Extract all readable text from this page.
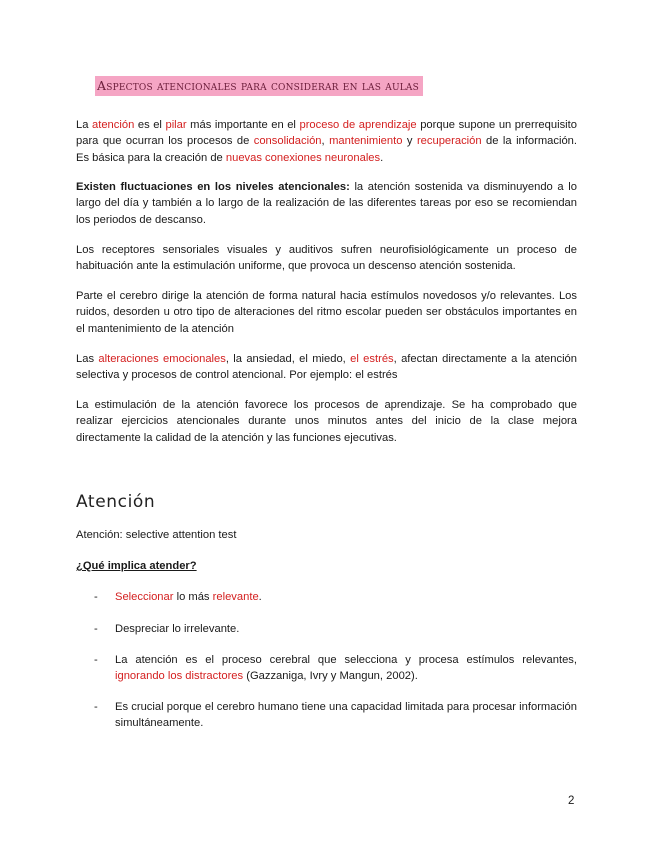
Aspectos atencionales para considerar en las aulas

La atención es el pilar más importante en el proceso de aprendizaje porque supone un prerrequisito para que ocurran los procesos de consolidación, mantenimiento y recuperación de la información. Es básica para la creación de nuevas conexiones neuronales.

Existen fluctuaciones en los niveles atencionales: la atención sostenida va disminuyendo a lo largo del día y también a lo largo de la realización de las diferentes tareas por eso se recomiendan los periodos de descanso.

Los receptores sensoriales visuales y auditivos sufren neurofisiológicamente un proceso de habituación ante la estimulación uniforme, que provoca un descenso atención sostenida.

Parte el cerebro dirige la atención de forma natural hacia estímulos novedosos y/o relevantes. Los ruidos, desorden u otro tipo de alteraciones del ritmo escolar pueden ser obstáculos importantes en el mantenimiento de la atención

Las alteraciones emocionales, la ansiedad, el miedo, el estrés, afectan directamente a la atención selectiva y procesos de control atencional. Por ejemplo: el estrés

La estimulación de la atención favorece los procesos de aprendizaje. Se ha comprobado que realizar ejercicios atencionales durante unos minutos antes del inicio de la clase mejora directamente la calidad de la atención y las funciones ejecutivas.

Atención
Atención: selective attention test
¿Qué implica atender?
- Seleccionar lo más relevante.

- Despreciar lo irrelevante.

- La atención es el proceso cerebral que selecciona y procesa estímulos relevantes, ignorando los distractores (Gazzaniga, Ivry y Mangun, 2002).

- Es crucial porque el cerebro humano tiene una capacidad limitada para procesar información simultáneamente.

2
